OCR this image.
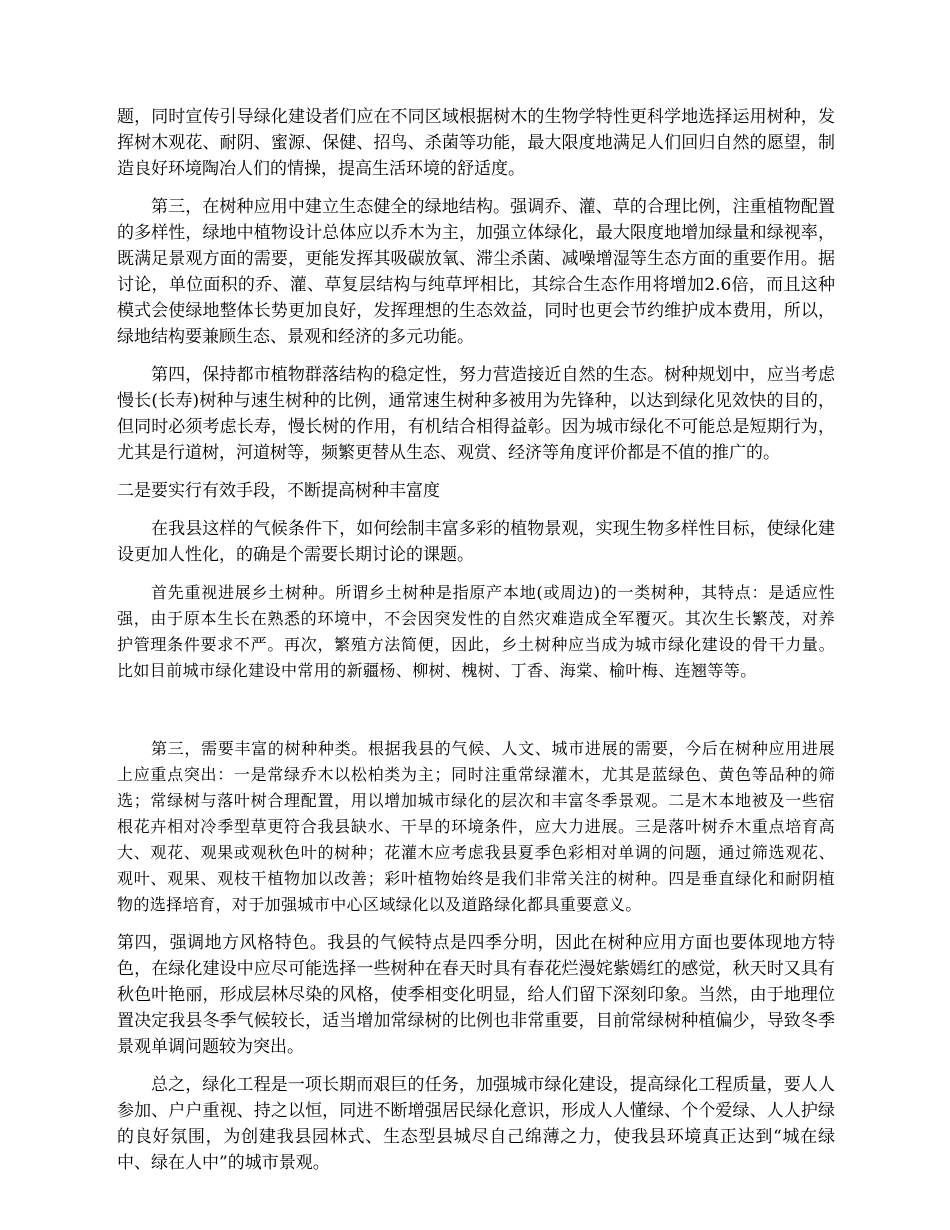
题，同时宣传引导绿化建设者们应在不同区域根据树木的生物学特性更科学地选择运用树种，发挥树木观花、耐阴、蜜源、保健、招鸟、杀菌等功能，最大限度地满足人们回归自然的愿望，制造良好环境陶冶人们的情操，提高生活环境的舒适度。

第三，在树种应用中建立生态健全的绿地结构。强调乔、灌、草的合理比例，注重植物配置的多样性，绿地中植物设计总体应以乔木为主，加强立体绿化，最大限度地增加绿量和绿视率，既满足景观方面的需要，更能发挥其吸碳放氧、滞尘杀菌、减噪增湿等生态方面的重要作用。据讨论，单位面积的乔、灌、草复层结构与纯草坪相比，其综合生态作用将增加2.6倍，而且这种模式会使绿地整体长势更加良好，发挥理想的生态效益，同时也更会节约维护成本费用，所以，绿地结构要兼顾生态、景观和经济的多元功能。

第四，保持都市植物群落结构的稳定性，努力营造接近自然的生态。树种规划中，应当考虑慢长(长寿)树种与速生树种的比例，通常速生树种多被用为先锋种，以达到绿化见效快的目的，但同时必须考虑长寿，慢长树的作用，有机结合相得益彰。因为城市绿化不可能总是短期行为，尤其是行道树，河道树等，频繁更替从生态、观赏、经济等角度评价都是不值的推广的。

二是要实行有效手段，不断提高树种丰富度

在我县这样的气候条件下，如何绘制丰富多彩的植物景观，实现生物多样性目标，使绿化建设更加人性化，的确是个需要长期讨论的课题。

首先重视进展乡土树种。所谓乡土树种是指原产本地(或周边)的一类树种，其特点：是适应性强，由于原本生长在熟悉的环境中，不会因突发性的自然灾难造成全军覆灭。其次生长繁茂，对养护管理条件要求不严。再次，繁殖方法简便，因此，乡土树种应当成为城市绿化建设的骨干力量。比如目前城市绿化建设中常用的新疆杨、柳树、槐树、丁香、海棠、榆叶梅、连翘等等。

第三，需要丰富的树种种类。根据我县的气候、人文、城市进展的需要，今后在树种应用进展上应重点突出：一是常绿乔木以松柏类为主；同时注重常绿灌木，尤其是蓝绿色、黄色等品种的筛选；常绿树与落叶树合理配置，用以增加城市绿化的层次和丰富冬季景观。二是木本地被及一些宿根花卉相对冷季型草更符合我县缺水、干旱的环境条件，应大力进展。三是落叶树乔木重点培育高大、观花、观果或观秋色叶的树种；花灌木应考虑我县夏季色彩相对单调的问题，通过筛选观花、观叶、观果、观枝干植物加以改善；彩叶植物始终是我们非常关注的树种。四是垂直绿化和耐阴植物的选择培育，对于加强城市中心区域绿化以及道路绿化都具重要意义。

第四，强调地方风格特色。我县的气候特点是四季分明，因此在树种应用方面也要体现地方特色，在绿化建设中应尽可能选择一些树种在春天时具有春花烂漫姹紫嫣红的感觉，秋天时又具有秋色叶艳丽，形成层林尽染的风格，使季相变化明显，给人们留下深刻印象。当然，由于地理位置决定我县冬季气候较长，适当增加常绿树的比例也非常重要，目前常绿树种植偏少，导致冬季景观单调问题较为突出。

总之，绿化工程是一项长期而艰巨的任务，加强城市绿化建设，提高绿化工程质量，要人人参加、户户重视、持之以恒，同进不断增强居民绿化意识，形成人人懂绿、个个爱绿、人人护绿的良好氛围，为创建我县园林式、生态型县城尽自己绵薄之力，使我县环境真正达到“城在绿中、绿在人中”的城市景观。
